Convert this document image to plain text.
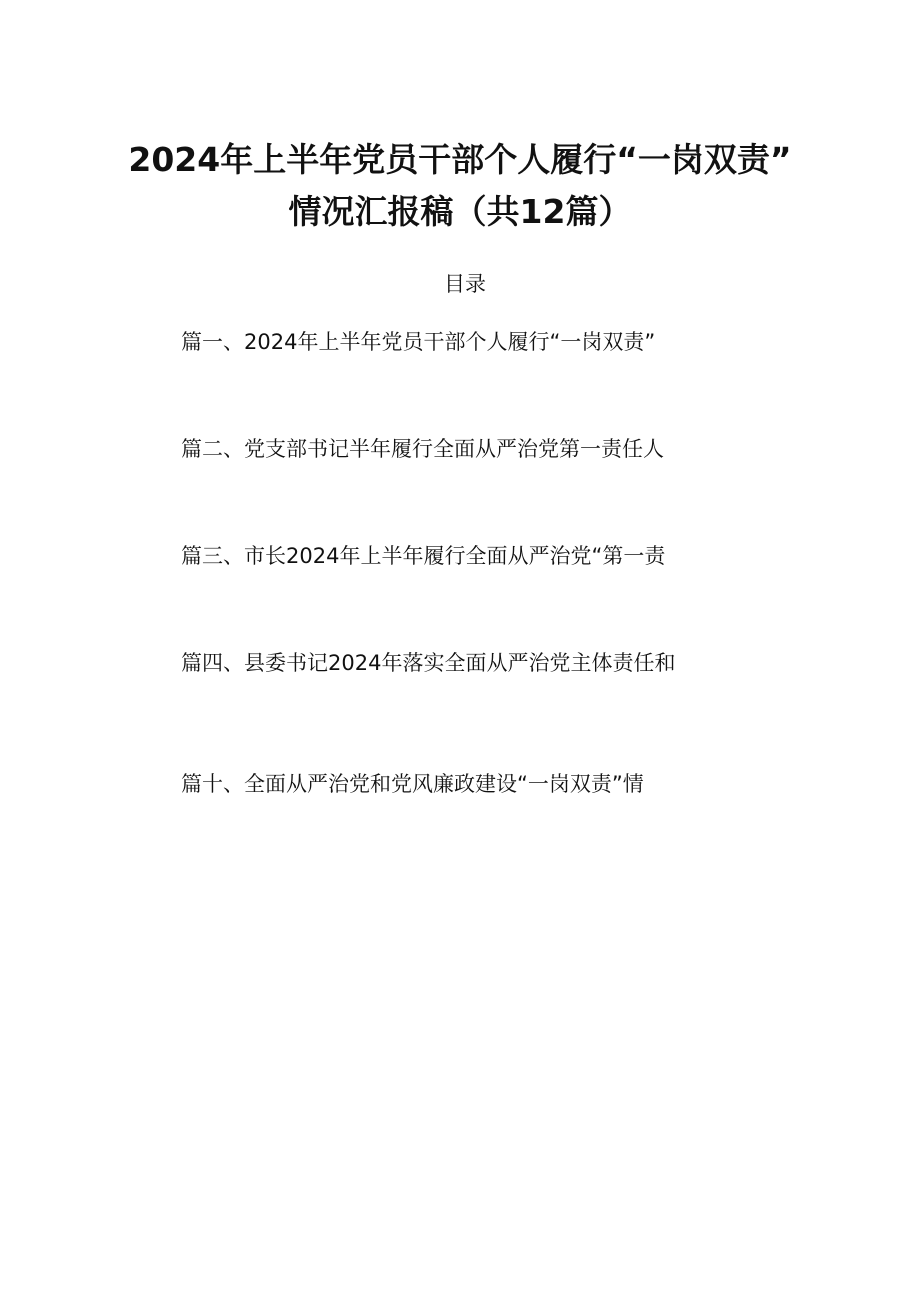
2024年上半年党员干部个人履行“一岗双责”
情况汇报稿（共12篇）
目录
篇一、2024年上半年党员干部个人履行“一岗双责”
篇二、党支部书记半年履行全面从严治党第一责任人
篇三、市长2024年上半年履行全面从严治党“第一责
篇四、县委书记2024年落实全面从严治党主体责任和
篇十、全面从严治党和党风廉政建设“一岗双责”情
